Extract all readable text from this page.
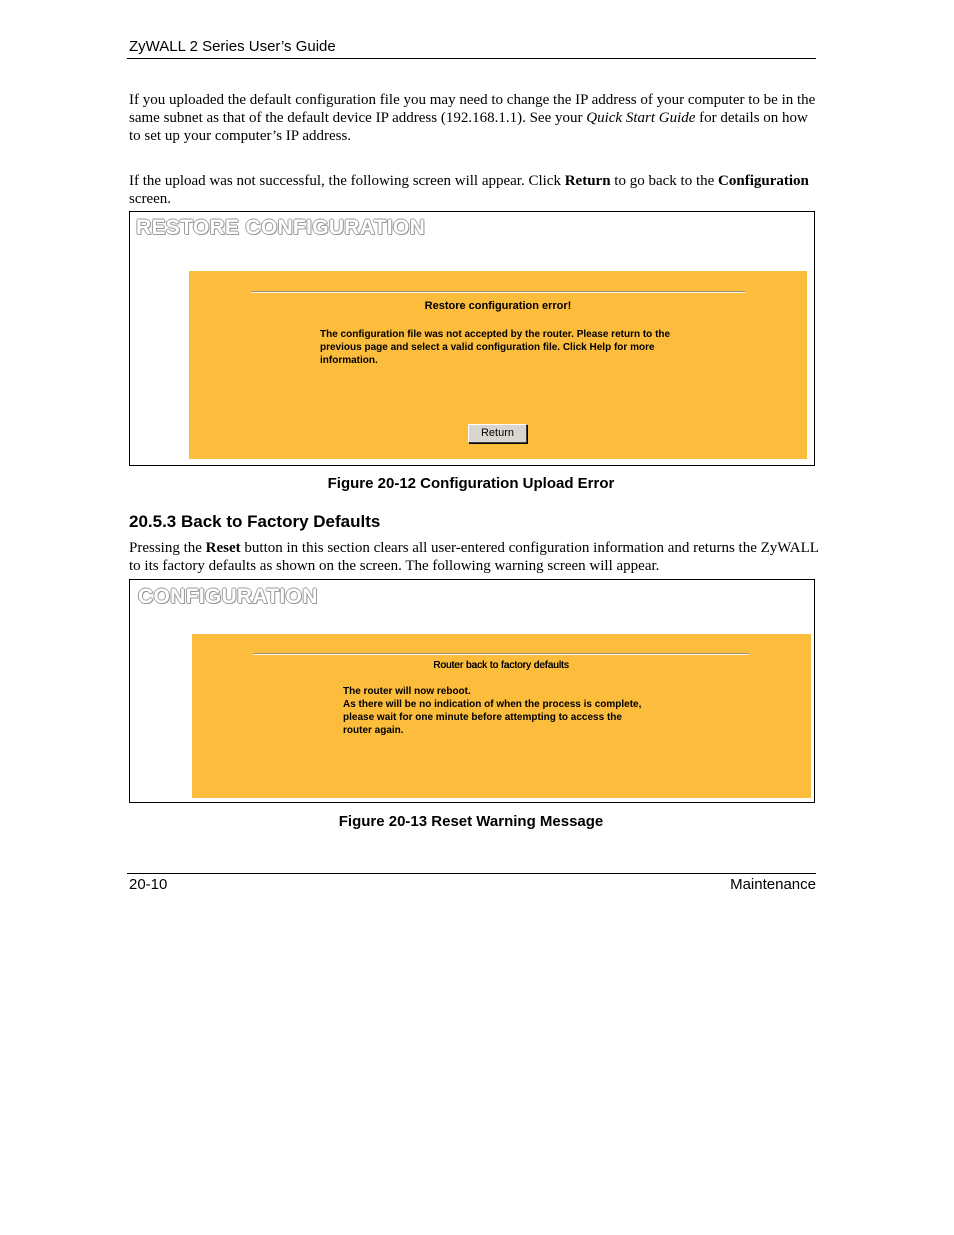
ZyWALL 2 Series User’s Guide
If you uploaded the default configuration file you may need to change the IP address of your computer to be in the same subnet as that of the default device IP address (192.168.1.1). See your Quick Start Guide for details on how to set up your computer’s IP address.
If the upload was not successful, the following screen will appear. Click Return to go back to the Configuration screen.
RESTORE CONFIGURATION
Restore configuration error!
The configuration file was not accepted by the router. Please return to the previous page and select a valid configuration file. Click Help for more information.
Return
Figure 20-12 Configuration Upload Error
20.5.3 Back to Factory Defaults
Pressing the Reset button in this section clears all user-entered configuration information and returns the ZyWALL to its factory defaults as shown on the screen. The following warning screen will appear.
CONFIGURATION
Router back to factory defaults
The router will now reboot.
As there will be no indication of when the process is complete,
please wait for one minute before attempting to access the
router again.
Figure 20-13 Reset Warning Message
20-10	Maintenance
